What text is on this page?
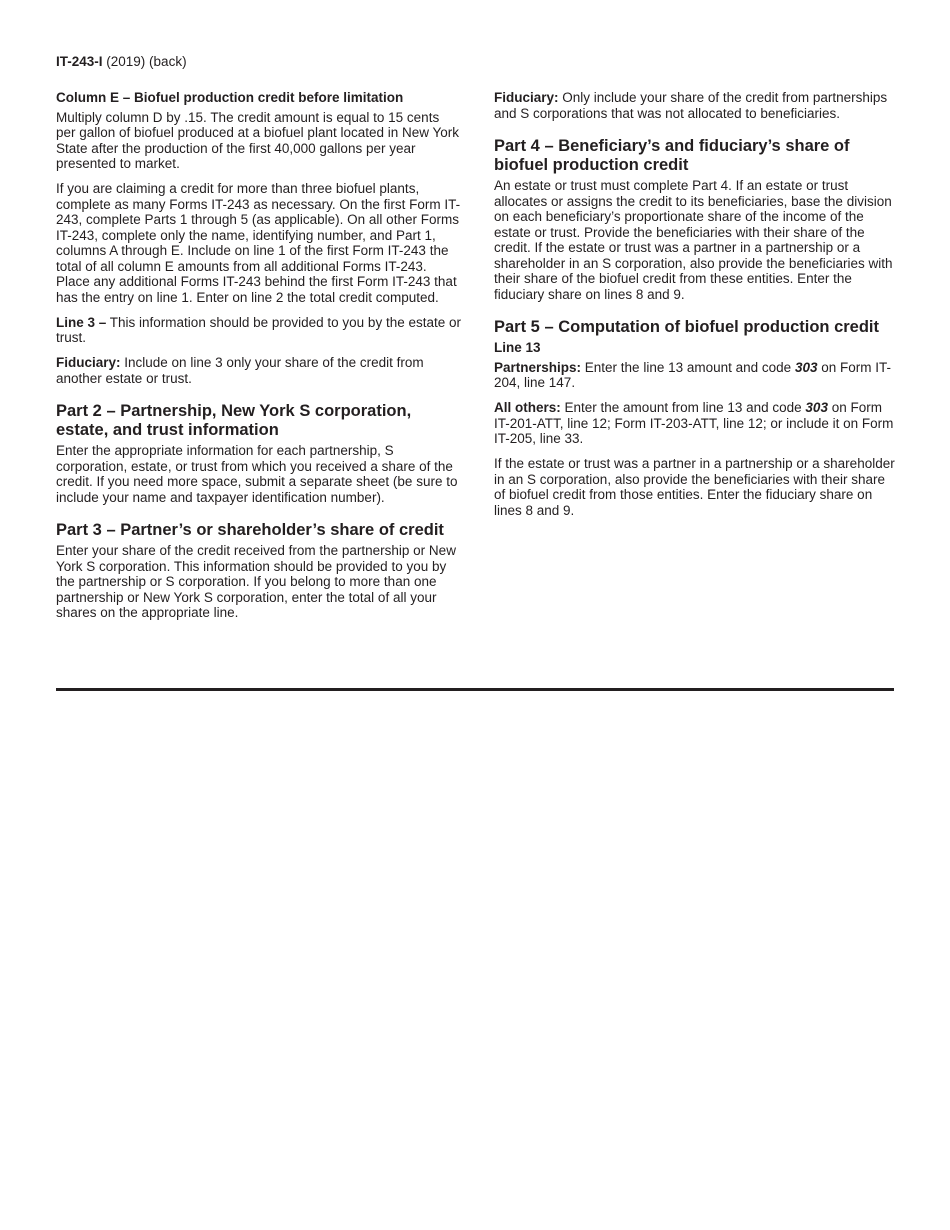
IT-243-I (2019) (back)
Column E – Biofuel production credit before limitation

Multiply column D by .15. The credit amount is equal to 15 cents per gallon of biofuel produced at a biofuel plant located in New York State after the production of the first 40,000 gallons per year presented to market.

If you are claiming a credit for more than three biofuel plants, complete as many Forms IT-243 as necessary. On the first Form IT-243, complete Parts 1 through 5 (as applicable). On all other Forms IT-243, complete only the name, identifying number, and Part 1, columns A through E. Include on line 1 of the first Form IT-243 the total of all column E amounts from all additional Forms IT-243. Place any additional Forms IT-243 behind the first Form IT-243 that has the entry on line 1. Enter on line 2 the total credit computed.

Line 3 – This information should be provided to you by the estate or trust.

Fiduciary: Include on line 3 only your share of the credit from another estate or trust.

Part 2 – Partnership, New York S corporation, estate, and trust information

Enter the appropriate information for each partnership, S corporation, estate, or trust from which you received a share of the credit. If you need more space, submit a separate sheet (be sure to include your name and taxpayer identification number).

Part 3 – Partner’s or shareholder’s share of credit

Enter your share of the credit received from the partnership or New York S corporation. This information should be provided to you by the partnership or S corporation. If you belong to more than one partnership or New York S corporation, enter the total of all your shares on the appropriate line.

Fiduciary: Only include your share of the credit from partnerships and S corporations that was not allocated to beneficiaries.

Part 4 – Beneficiary’s and fiduciary’s share of biofuel production credit

An estate or trust must complete Part 4. If an estate or trust allocates or assigns the credit to its beneficiaries, base the division on each beneficiary’s proportionate share of the income of the estate or trust. Provide the beneficiaries with their share of the credit. If the estate or trust was a partner in a partnership or a shareholder in an S corporation, also provide the beneficiaries with their share of the biofuel credit from these entities. Enter the fiduciary share on lines 8 and 9.

Part 5 – Computation of biofuel production credit
Line 13

Partnerships: Enter the line 13 amount and code 303 on Form IT-204, line 147.

All others: Enter the amount from line 13 and code 303 on Form IT-201-ATT, line 12; Form IT-203-ATT, line 12; or include it on Form IT-205, line 33.

If the estate or trust was a partner in a partnership or a shareholder in an S corporation, also provide the beneficiaries with their share of biofuel credit from those entities. Enter the fiduciary share on lines 8 and 9.
